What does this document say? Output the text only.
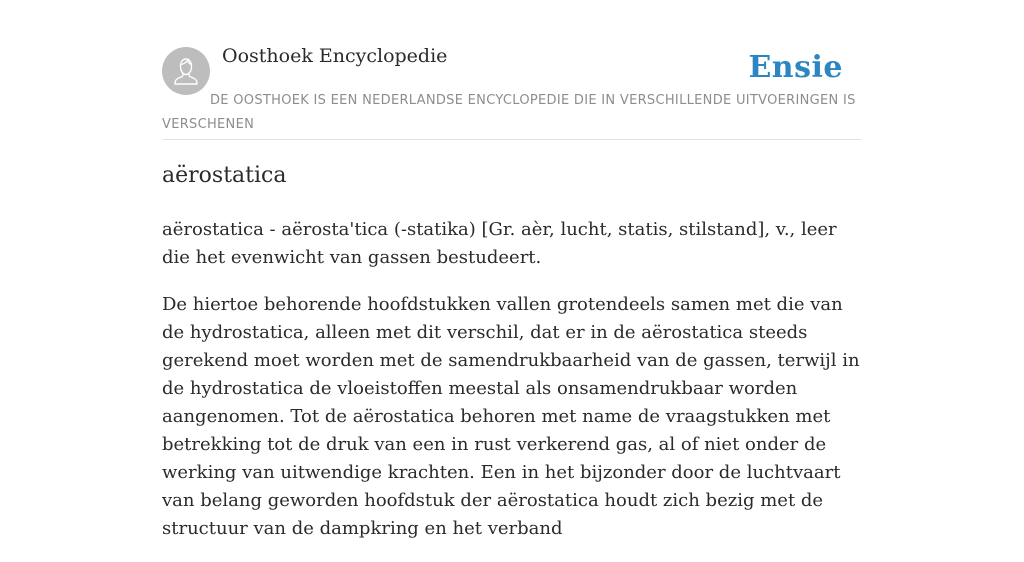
Oosthoek Encyclopedie	Ensie
DE OOSTHOEK IS EEN NEDERLANDSE ENCYCLOPEDIE DIE IN VERSCHILLENDE UITVOERINGEN IS VERSCHENEN
aërostatica

aërostatica - aërosta'tica (-statika) [Gr. aèr, lucht, statis, stilstand], v., leer die het evenwicht van gassen bestudeert.

De hiertoe behorende hoofdstukken vallen grotendeels samen met die van de hydrostatica, alleen met dit verschil, dat er in de aërostatica steeds gerekend moet worden met de samendrukbaarheid van de gassen, terwijl in de hydrostatica de vloeistoffen meestal als onsamendrukbaar worden aangenomen. Tot de aërostatica behoren met name de vraagstukken met betrekking tot de druk van een in rust verkerend gas, al of niet onder de werking van uitwendige krachten. Een in het bijzonder door de luchtvaart van belang geworden hoofdstuk der aërostatica houdt zich bezig met de structuur van de dampkring en het verband
